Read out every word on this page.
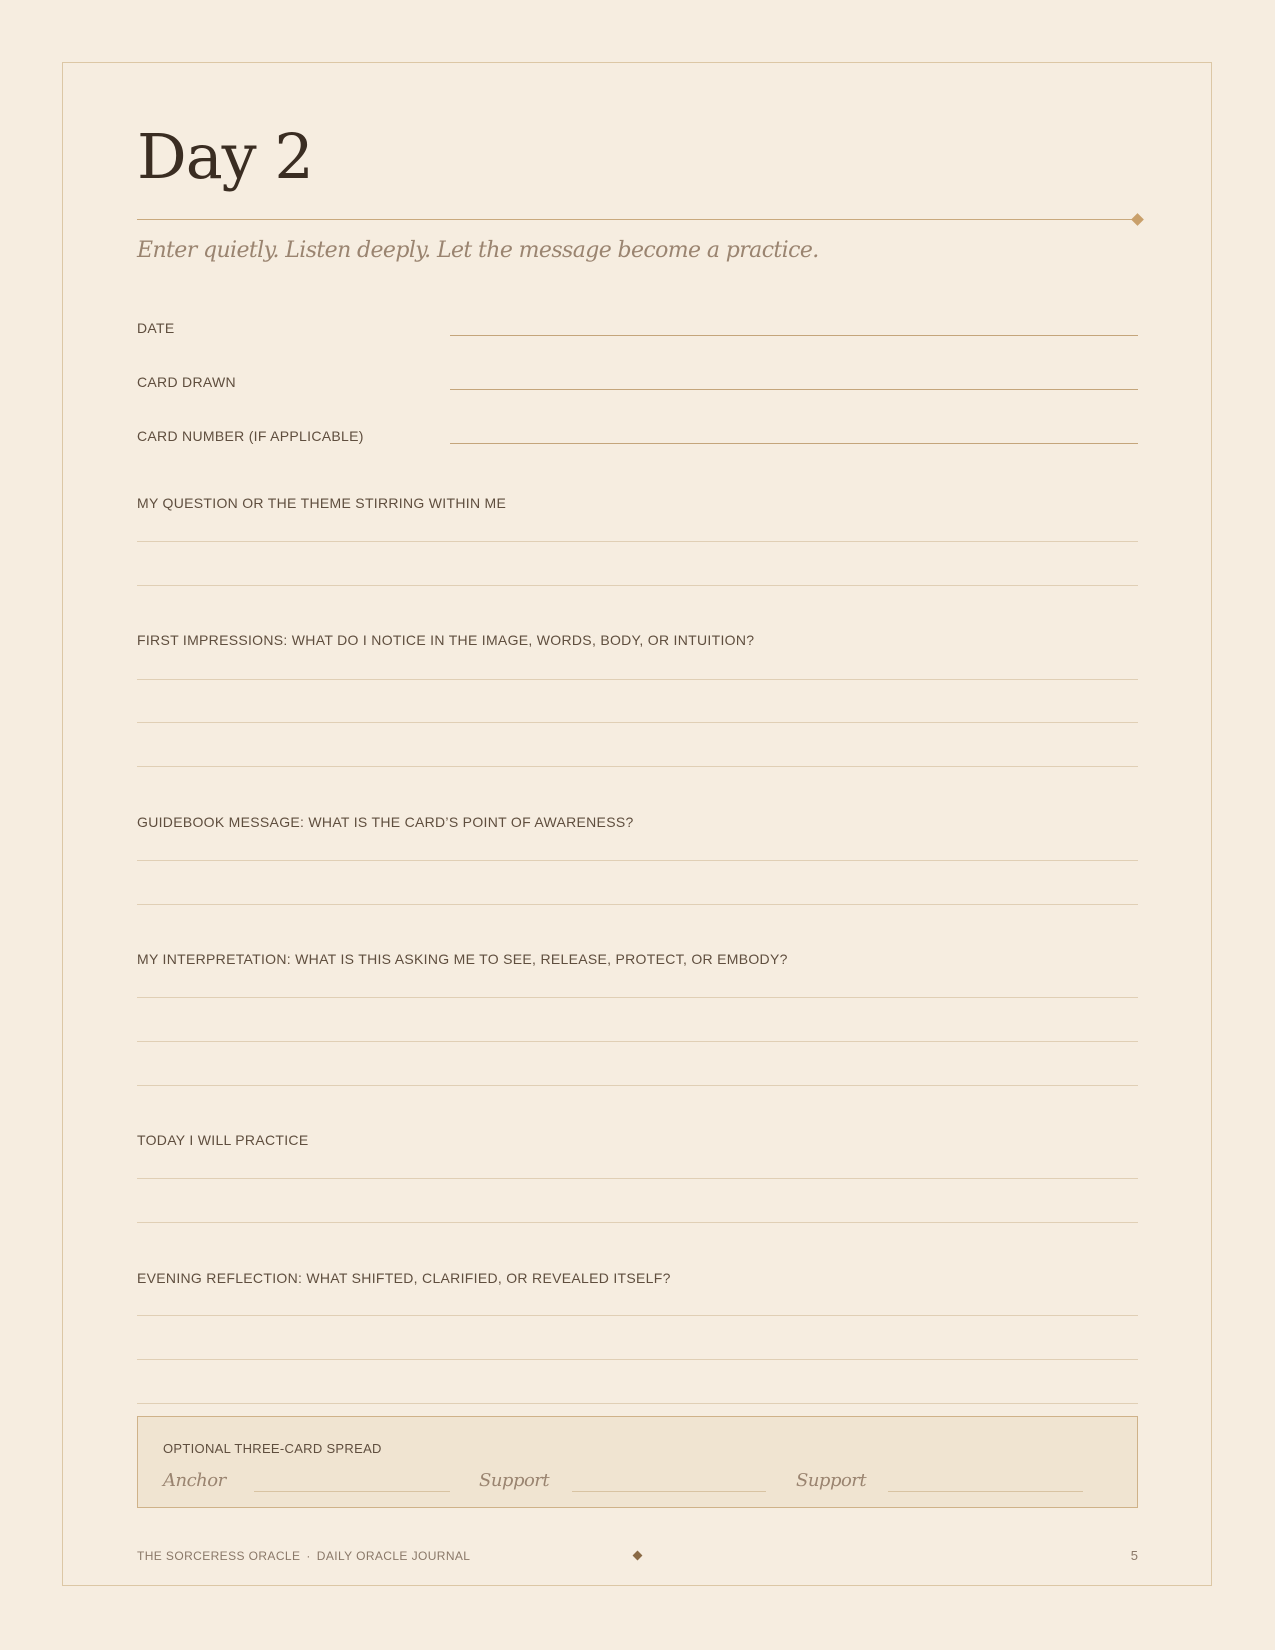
Day 2
Enter quietly. Listen deeply. Let the message become a practice.
DATE
CARD DRAWN
CARD NUMBER (IF APPLICABLE)
MY QUESTION OR THE THEME STIRRING WITHIN ME
FIRST IMPRESSIONS: WHAT DO I NOTICE IN THE IMAGE, WORDS, BODY, OR INTUITION?
GUIDEBOOK MESSAGE: WHAT IS THE CARD’S POINT OF AWARENESS?
MY INTERPRETATION: WHAT IS THIS ASKING ME TO SEE, RELEASE, PROTECT, OR EMBODY?
TODAY I WILL PRACTICE
EVENING REFLECTION: WHAT SHIFTED, CLARIFIED, OR REVEALED ITSELF?
OPTIONAL THREE-CARD SPREAD
Anchor	Support	Support
THE SORCERESS ORACLE · DAILY ORACLE JOURNAL	5
